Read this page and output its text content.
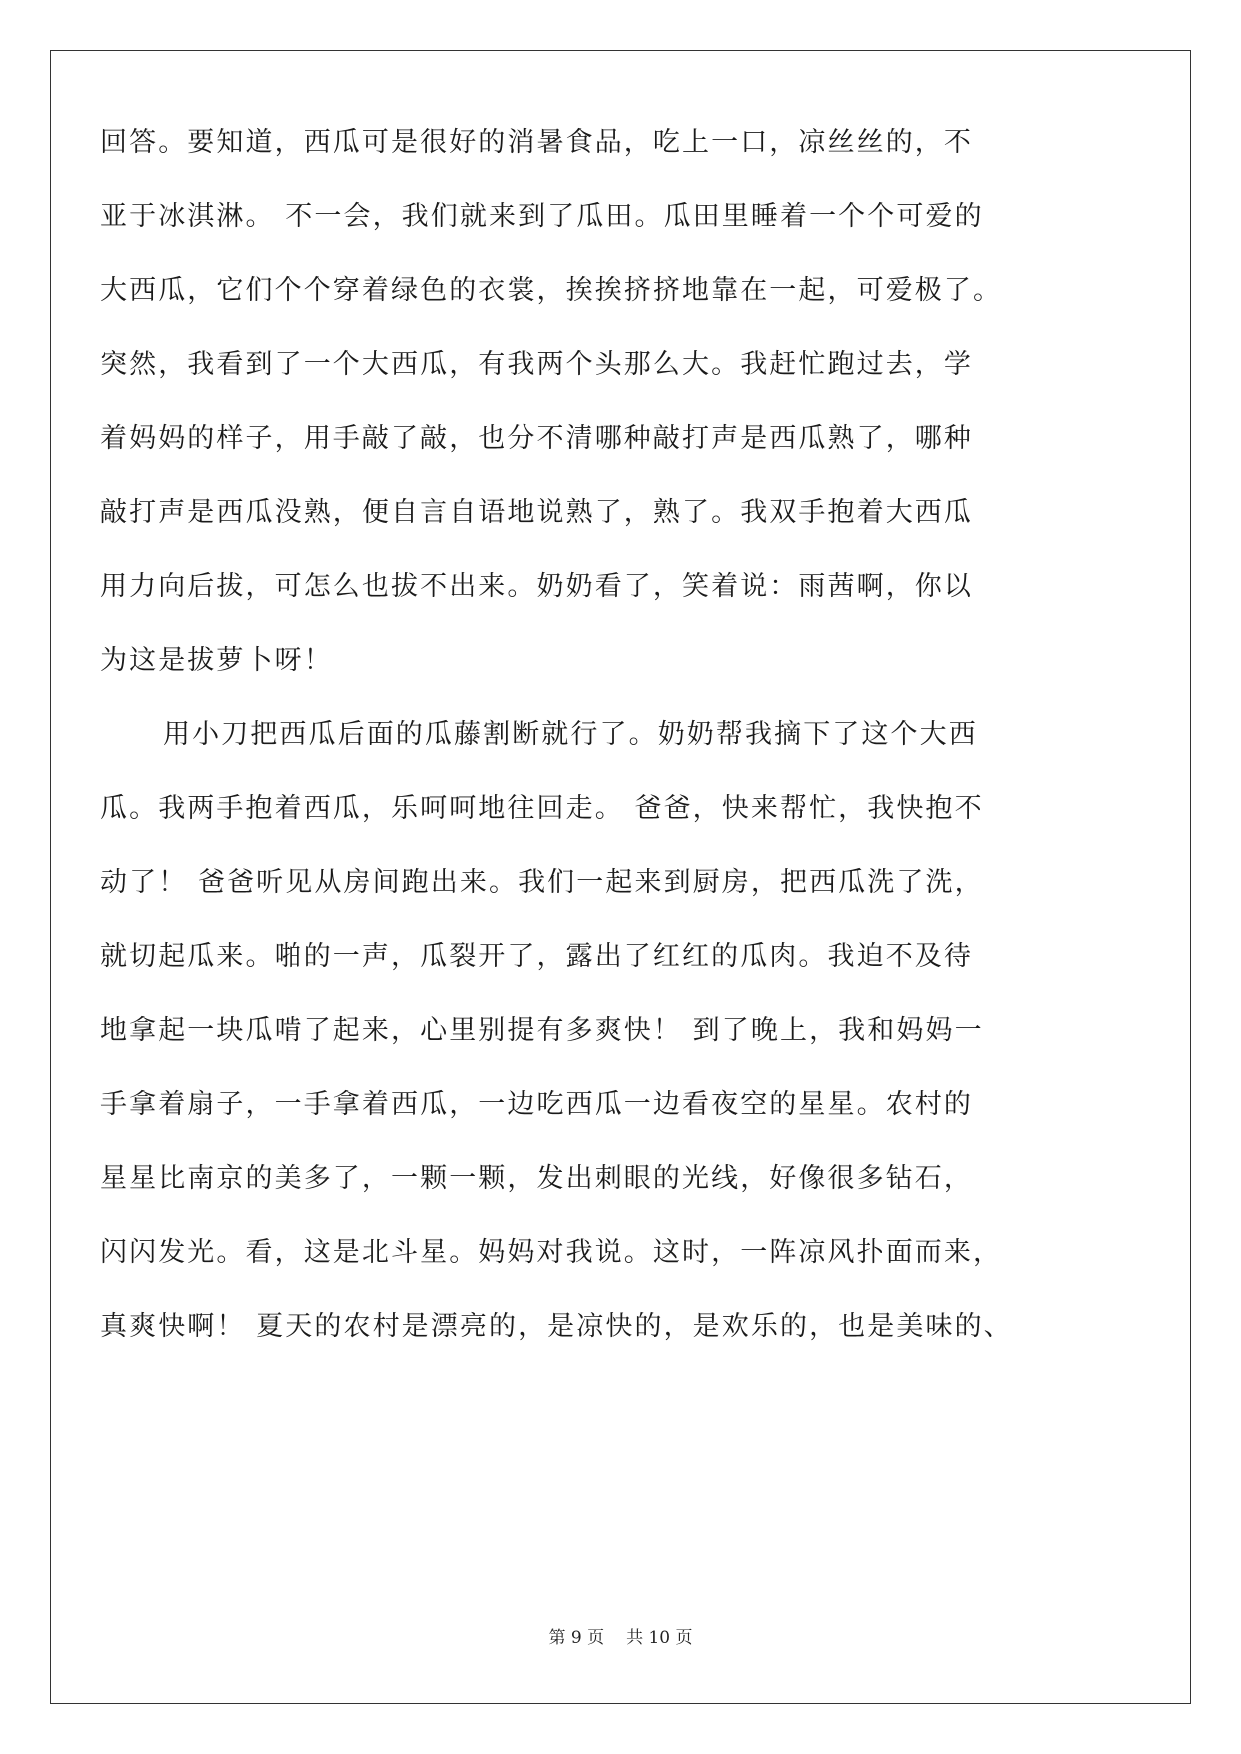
回答。要知道，西瓜可是很好的消暑食品，吃上一口，凉丝丝的，不
亚于冰淇淋。 不一会，我们就来到了瓜田。瓜田里睡着一个个可爱的
大西瓜，它们个个穿着绿色的衣裳，挨挨挤挤地靠在一起，可爱极了。
突然，我看到了一个大西瓜，有我两个头那么大。我赶忙跑过去，学
着妈妈的样子，用手敲了敲，也分不清哪种敲打声是西瓜熟了，哪种
敲打声是西瓜没熟，便自言自语地说熟了，熟了。我双手抱着大西瓜
用力向后拔，可怎么也拔不出来。奶奶看了，笑着说：雨茜啊，你以
为这是拔萝卜呀！
用小刀把西瓜后面的瓜藤割断就行了。奶奶帮我摘下了这个大西
瓜。我两手抱着西瓜，乐呵呵地往回走。 爸爸，快来帮忙，我快抱不
动了！ 爸爸听见从房间跑出来。我们一起来到厨房，把西瓜洗了洗，
就切起瓜来。啪的一声，瓜裂开了，露出了红红的瓜肉。我迫不及待
地拿起一块瓜啃了起来，心里别提有多爽快！ 到了晚上，我和妈妈一
手拿着扇子，一手拿着西瓜，一边吃西瓜一边看夜空的星星。农村的
星星比南京的美多了，一颗一颗，发出刺眼的光线，好像很多钻石，
闪闪发光。看，这是北斗星。妈妈对我说。这时，一阵凉风扑面而来，
真爽快啊！ 夏天的农村是漂亮的，是凉快的，是欢乐的，也是美味的、
第 9 页 共 10 页
